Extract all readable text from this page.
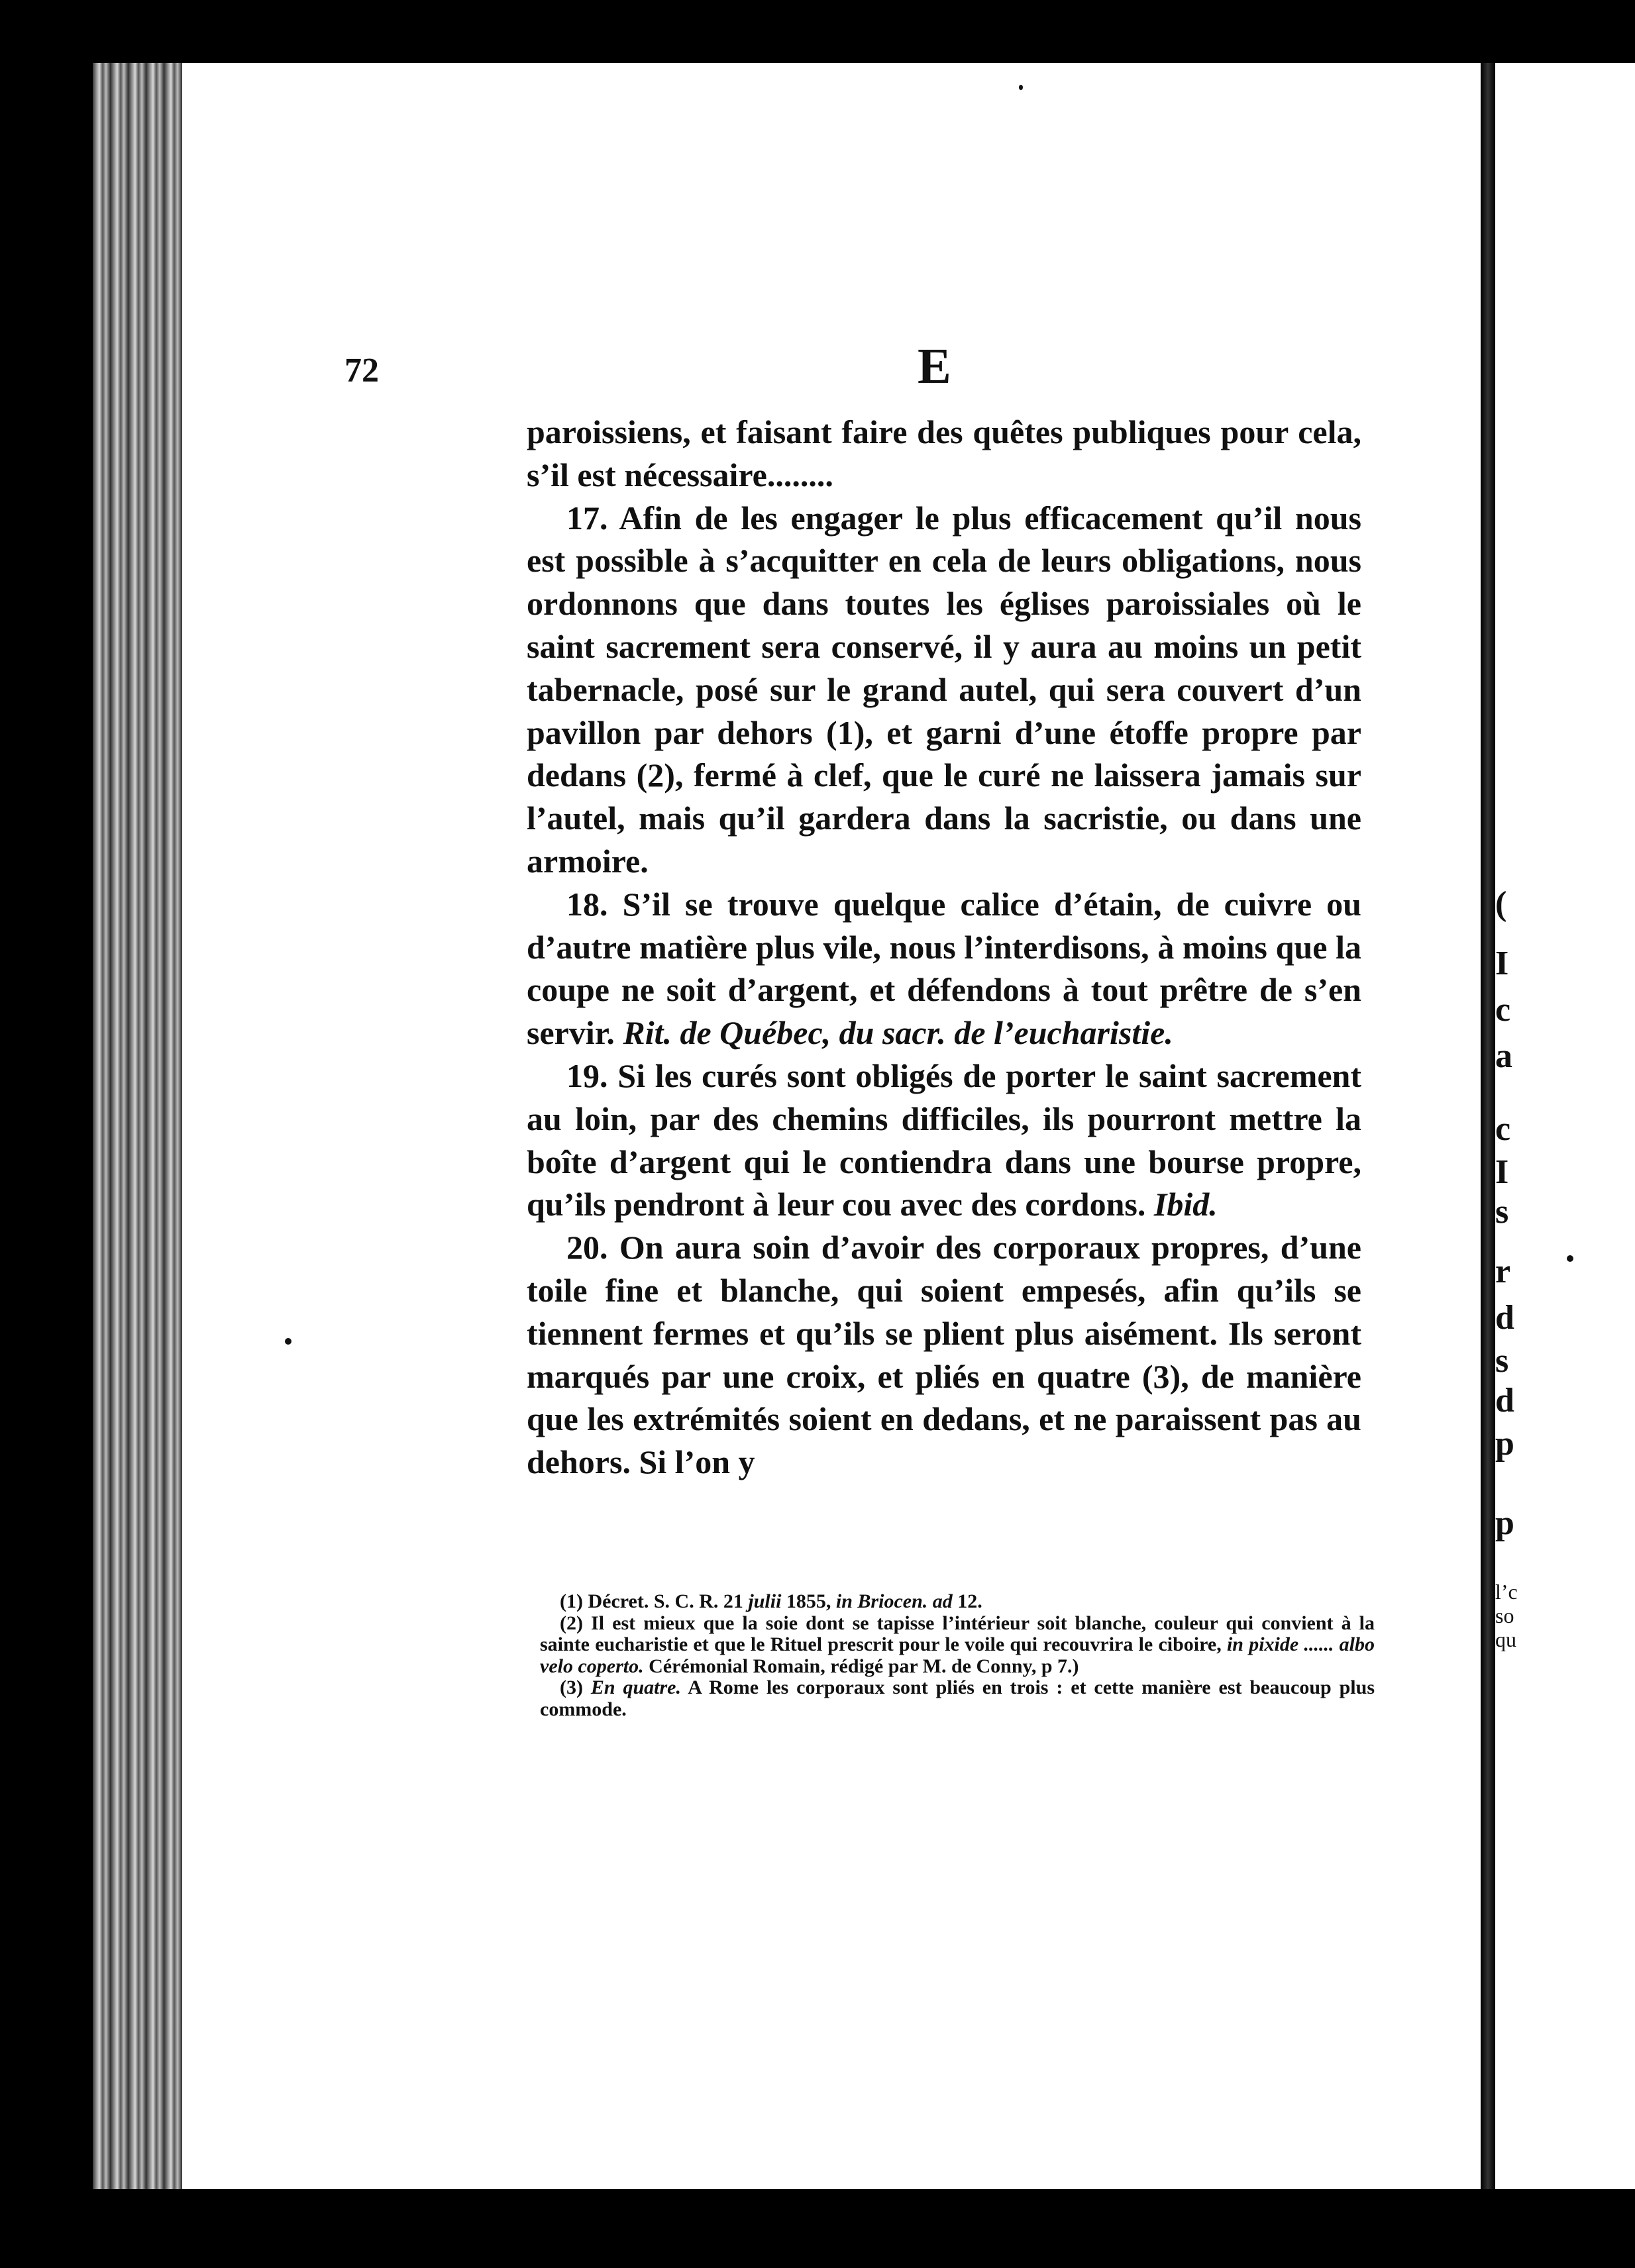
(
I
c
a
c
I
s
r
d
s
d
p
p
l’c
so
qu
72	E

paroissiens, et faisant faire des quêtes publiques pour cela, s’il est nécessaire........

17. Afin de les engager le plus efficacement qu’il nous est possible à s’acquitter en cela de leurs obligations, nous ordonnons que dans toutes les églises paroissiales où le saint sacrement sera conservé, il y aura au moins un petit tabernacle, posé sur le grand autel, qui sera couvert d’un pavillon par dehors (1), et garni d’une étoffe propre par dedans (2), fermé à clef, que le curé ne laissera jamais sur l’autel, mais qu’il gardera dans la sacristie, ou dans une armoire.

18. S’il se trouve quelque calice d’étain, de cuivre ou d’autre matière plus vile, nous l’interdisons, à moins que la coupe ne soit d’argent, et défendons à tout prêtre de s’en servir. Rit. de Québec, du sacr. de l’eucharistie.

19. Si les curés sont obligés de porter le saint sacrement au loin, par des chemins difficiles, ils pourront mettre la boîte d’argent qui le contiendra dans une bourse propre, qu’ils pendront à leur cou avec des cordons. Ibid.

20. On aura soin d’avoir des corporaux propres, d’une toile fine et blanche, qui soient empesés, afin qu’ils se tiennent fermes et qu’ils se plient plus aisément. Ils seront marqués par une croix, et pliés en quatre (3), de manière que les extrémités soient en dedans, et ne paraissent pas au dehors. Si l’on y

(1) Décret. S. C. R. 21 julii 1855, in Briocen. ad 12.

(2) Il est mieux que la soie dont se tapisse l’intérieur soit blanche, couleur qui convient à la sainte eucharistie et que le Rituel prescrit pour le voile qui recouvrira le ciboire, in pixide ...... albo velo coperto. Cérémonial Romain, rédigé par M. de Conny, p 7.)

(3) En quatre. A Rome les corporaux sont pliés en trois : et cette manière est beaucoup plus commode.
